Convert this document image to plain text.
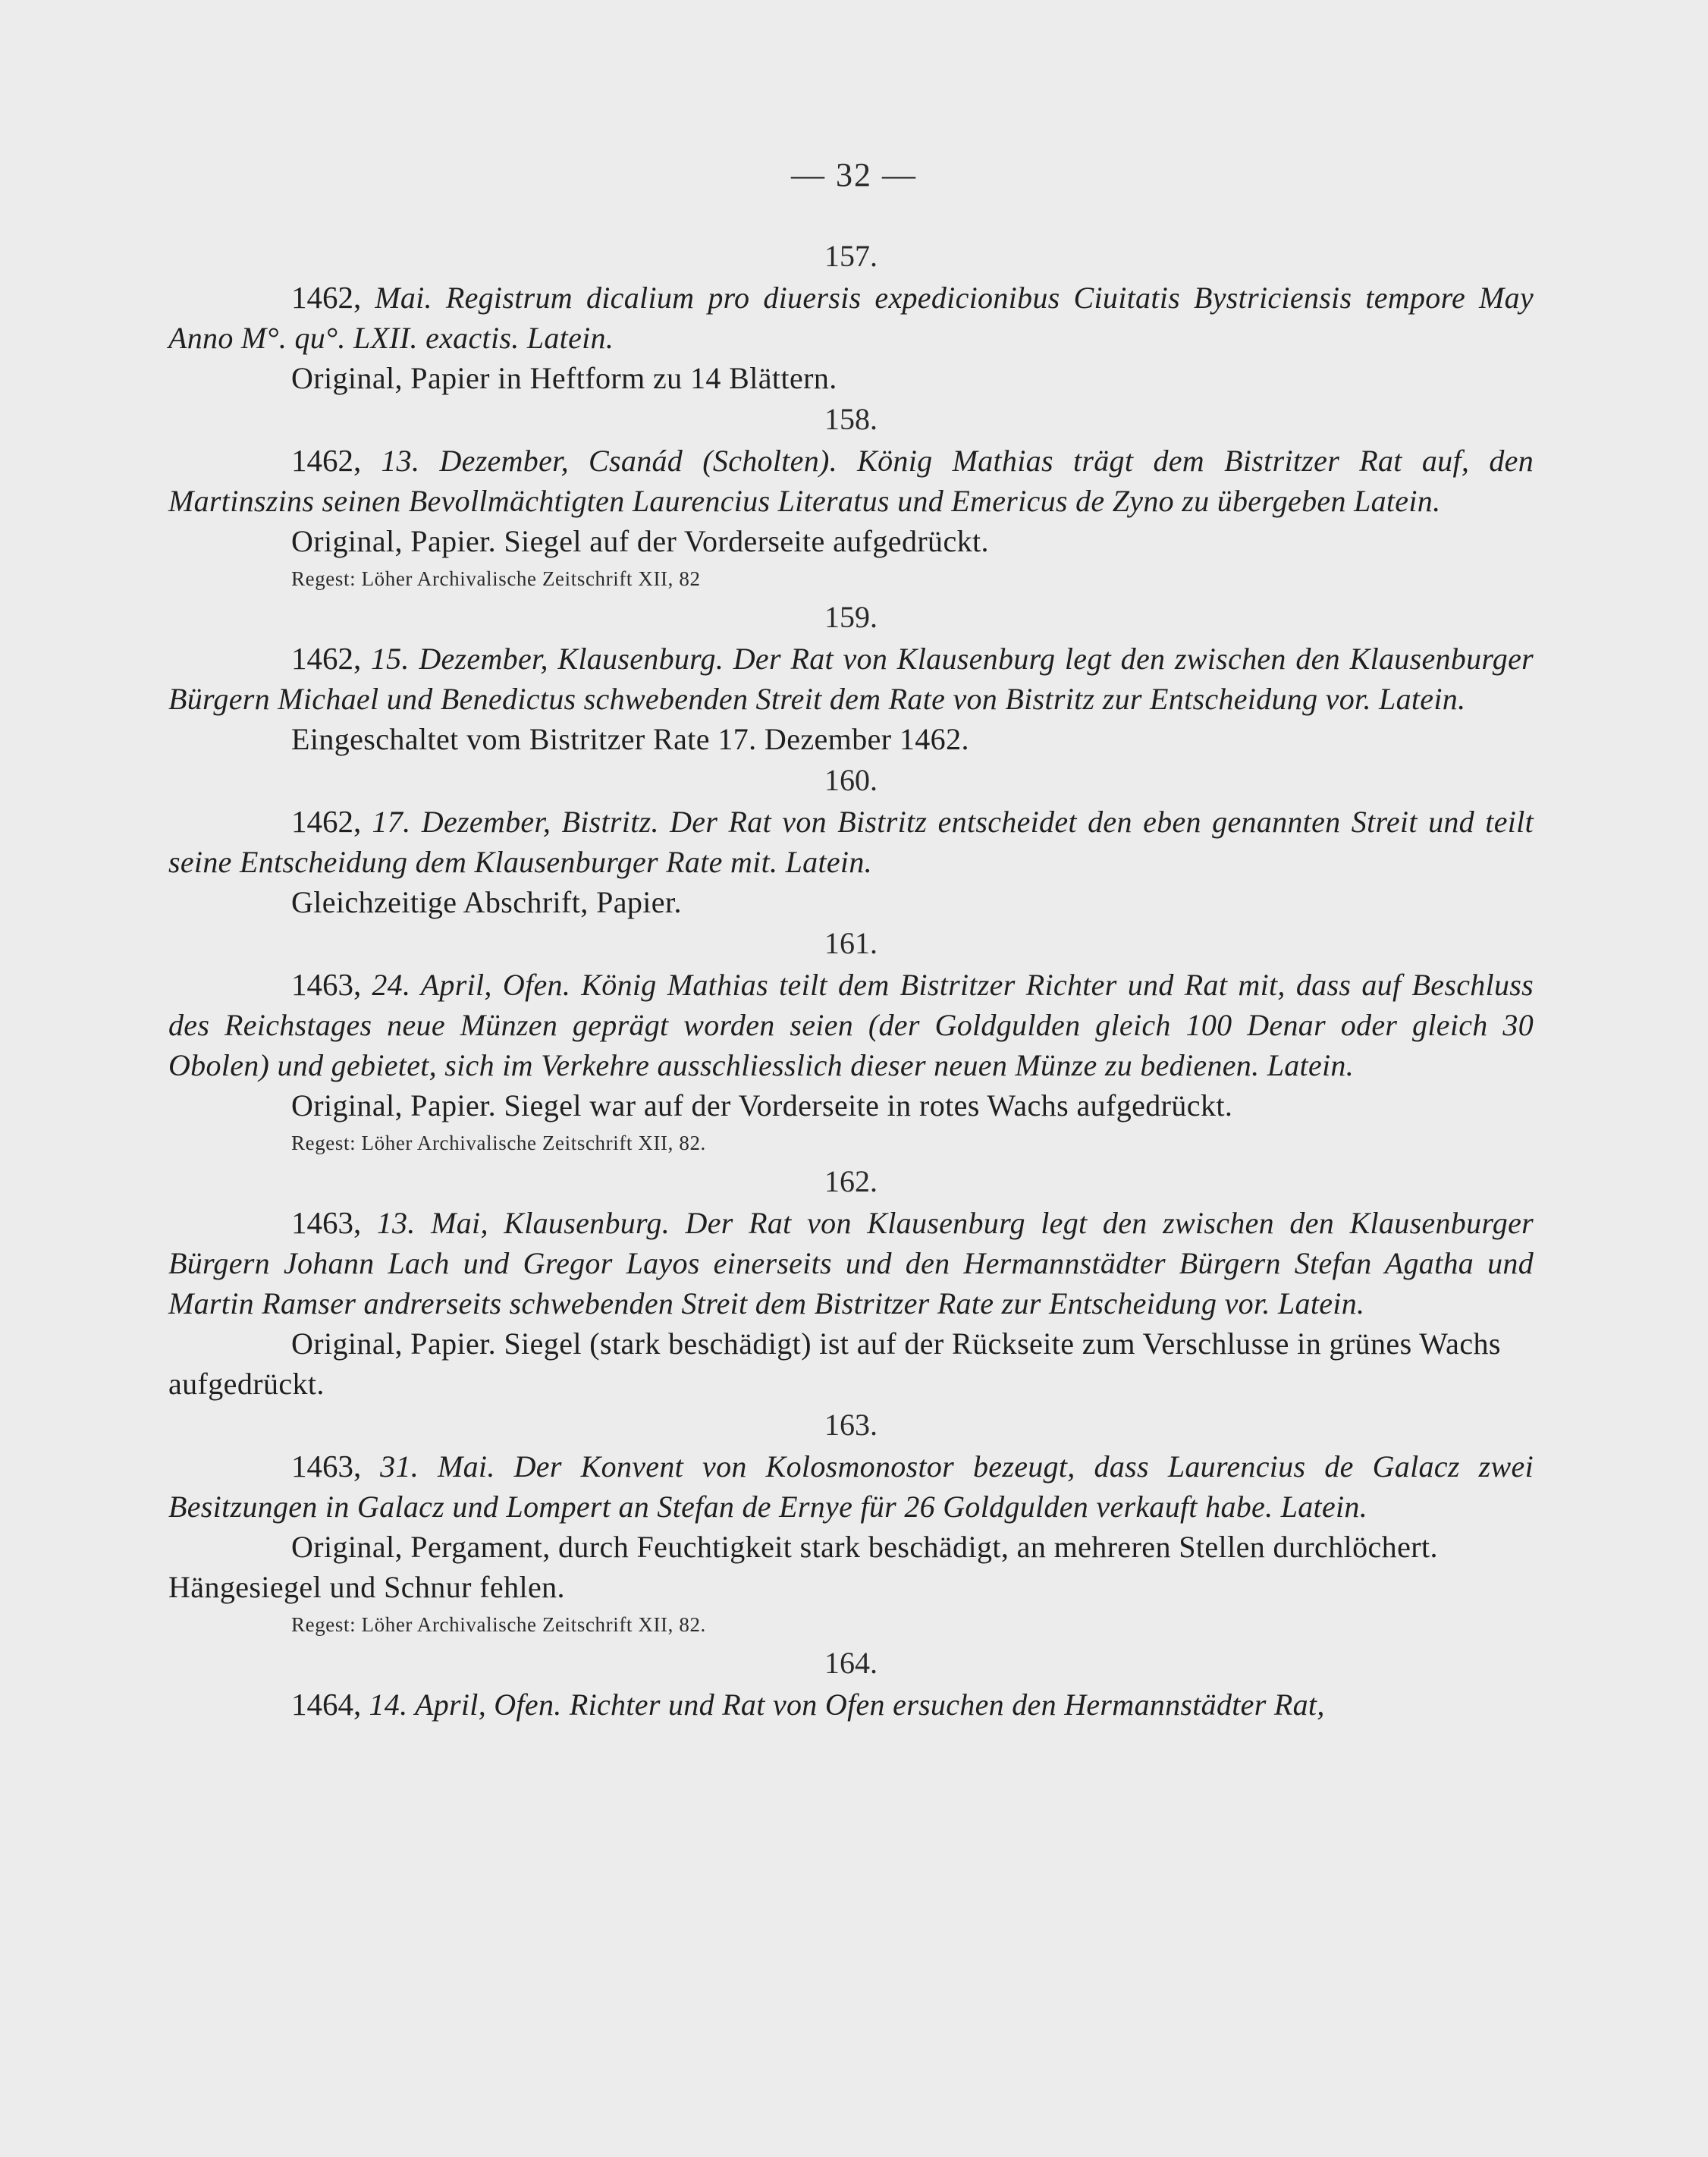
— 32 —

157.

1462, Mai. Registrum dicalium pro diuersis expedicionibus Ciuitatis Bystriciensis tempore May Anno M°. qu°. LXII. exactis. Latein.

Original, Papier in Heftform zu 14 Blättern.

158.

1462, 13. Dezember, Csanád (Scholten). König Mathias trägt dem Bistritzer Rat auf, den Martinszins seinen Bevollmächtigten Laurencius Literatus und Emericus de Zyno zu übergeben Latein.

Original, Papier. Siegel auf der Vorderseite aufgedrückt.

Regest: Löher Archivalische Zeitschrift XII, 82

159.

1462, 15. Dezember, Klausenburg. Der Rat von Klausenburg legt den zwischen den Klausenburger Bürgern Michael und Benedictus schwebenden Streit dem Rate von Bistritz zur Entscheidung vor. Latein.

Eingeschaltet vom Bistritzer Rate 17. Dezember 1462.

160.

1462, 17. Dezember, Bistritz. Der Rat von Bistritz entscheidet den eben genannten Streit und teilt seine Entscheidung dem Klausenburger Rate mit. Latein.

Gleichzeitige Abschrift, Papier.

161.

1463, 24. April, Ofen. König Mathias teilt dem Bistritzer Richter und Rat mit, dass auf Beschluss des Reichstages neue Münzen geprägt worden seien (der Goldgulden gleich 100 Denar oder gleich 30 Obolen) und gebietet, sich im Verkehre ausschliesslich dieser neuen Münze zu bedienen. Latein.

Original, Papier. Siegel war auf der Vorderseite in rotes Wachs aufgedrückt.

Regest: Löher Archivalische Zeitschrift XII, 82.

162.

1463, 13. Mai, Klausenburg. Der Rat von Klausenburg legt den zwischen den Klausenburger Bürgern Johann Lach und Gregor Layos einerseits und den Hermannstädter Bürgern Stefan Agatha und Martin Ramser andrerseits schwebenden Streit dem Bistritzer Rate zur Entscheidung vor. Latein.

Original, Papier. Siegel (stark beschädigt) ist auf der Rückseite zum Verschlusse in grünes Wachs aufgedrückt.

163.

1463, 31. Mai. Der Konvent von Kolosmonostor bezeugt, dass Laurencius de Galacz zwei Besitzungen in Galacz und Lompert an Stefan de Ernye für 26 Goldgulden verkauft habe. Latein.

Original, Pergament, durch Feuchtigkeit stark beschädigt, an mehreren Stellen durchlöchert. Hängesiegel und Schnur fehlen.

Regest: Löher Archivalische Zeitschrift XII, 82.

164.

1464, 14. April, Ofen. Richter und Rat von Ofen ersuchen den Hermannstädter Rat,
